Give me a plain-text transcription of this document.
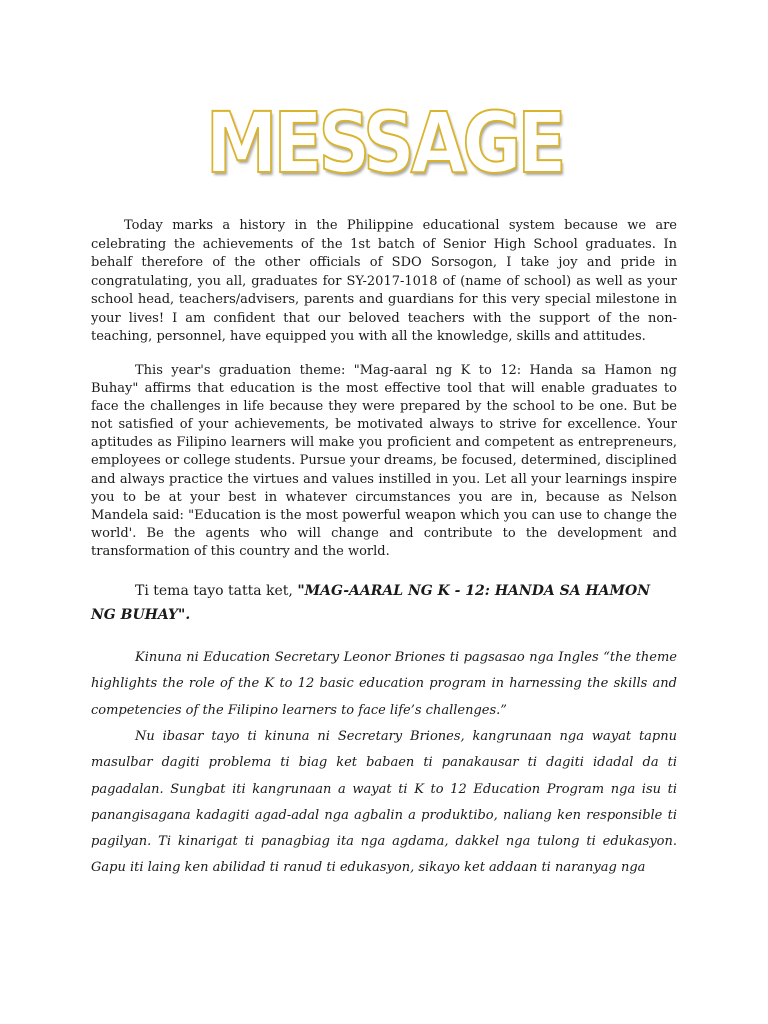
MESSAGE

Today marks a history in the Philippine educational system because we are celebrating the achievements of the 1st batch of Senior High School graduates. In behalf therefore of the other officials of SDO Sorsogon, I take joy and pride in congratulating, you all, graduates for SY-2017-1018 of (name of school) as well as your school head, teachers/advisers, parents and guardians for this very special milestone in your lives! I am confident that our beloved teachers with the support of the non-teaching, personnel, have equipped you with all the knowledge, skills and attitudes.

This year's graduation theme: "Mag-aaral ng K to 12: Handa sa Hamon ng Buhay" affirms that education is the most effective tool that will enable graduates to face the challenges in life because they were prepared by the school to be one. But be not satisfied of your achievements, be motivated always to strive for excellence. Your aptitudes as Filipino learners will make you proficient and competent as entrepreneurs, employees or college students. Pursue your dreams, be focused, determined, disciplined and always practice the virtues and values instilled in you. Let all your learnings inspire you to be at your best in whatever circumstances you are in, because as Nelson Mandela said: "Education is the most powerful weapon which you can use to change the world'. Be the agents who will change and contribute to the development and transformation of this country and the world.

Ti tema tayo tatta ket, "MAG-AARAL NG K - 12: HANDA SA HAMON NG BUHAY".

Kinuna ni Education Secretary Leonor Briones ti pagsasao nga Ingles “the theme highlights the role of the K to 12 basic education program in harnessing the skills and competencies of the Filipino learners to face life’s challenges.”

Nu ibasar tayo ti kinuna ni Secretary Briones, kangrunaan nga wayat tapnu masulbar dagiti problema ti biag ket babaen ti panakausar ti dagiti idadal da ti pagadalan. Sungbat iti kangrunaan a wayat ti K to 12 Education Program nga isu ti panangisagana kadagiti agad-adal nga agbalin a produktibo, naliang ken responsible ti pagilyan. Ti kinarigat ti panagbiag ita nga agdama, dakkel nga tulong ti edukasyon. Gapu iti laing ken abilidad ti ranud ti edukasyon, sikayo ket addaan ti naranyag nga
